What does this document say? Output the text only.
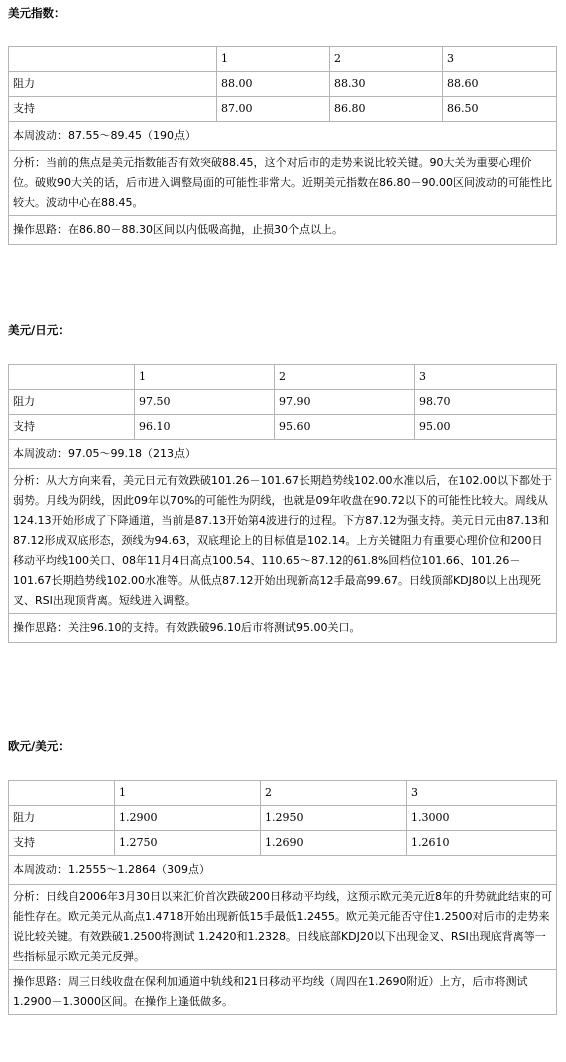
美元指数：
	1	2	3
阻力	88.00	88.30	88.60
支持	87.00	86.80	86.50
本周波动：87.55～89.45（190点）			
分析：当前的焦点是美元指数能否有效突破88.45，这个对后市的走势来说比较关键。90大关为重要心理价位。破败90大关的话，后市进入调整局面的可能性非常大。近期美元指数在86.80－90.00区间波动的可能性比较大。波动中心在88.45。			
操作思路：在86.80－88.30区间以内低吸高抛，止损30个点以上。			
美元/日元：
	1	2	3
阻力	97.50	97.90	98.70
支持	96.10	95.60	95.00
本周波动：97.05～99.18（213点）			
分析：从大方向来看，美元日元有效跌破101.26－101.67长期趋势线102.00水准以后，在102.00以下都处于弱势。月线为阴线，因此09年以70%的可能性为阴线，也就是09年收盘在90.72以下的可能性比较大。周线从124.13开始形成了下降通道，当前是87.13开始第4波进行的过程。下方87.12为强支持。美元日元由87.13和87.12形成双底形态，颈线为94.63，双底理论上的目标值是102.14。上方关键阻力有重要心理价位和200日移动平均线100关口、08年11月4日高点100.54、110.65～87.12的61.8%回档位101.66、101.26－101.67长期趋势线102.00水准等。从低点87.12开始出现新高12手最高99.67。日线顶部KDJ80以上出现死叉、RSI出现顶背离。短线进入调整。			
操作思路：关注96.10的支持。有效跌破96.10后市将测试95.00关口。			
欧元/美元：
	1	2	3
阻力	1.2900	1.2950	1.3000
支持	1.2750	1.2690	1.2610
本周波动：1.2555～1.2864（309点）			
分析：日线自2006年3月30日以来汇价首次跌破200日移动平均线，这预示欧元美元近8年的升势就此结束的可能性存在。欧元美元从高点1.4718开始出现新低15手最低1.2455。欧元美元能否守住1.2500对后市的走势来说比较关键。有效跌破1.2500将测试 1.2420和1.2328。日线底部KDJ20以下出现金叉、RSI出现底背离等一些指标显示欧元美元反弹。			
操作思路：周三日线收盘在保利加通道中轨线和21日移动平均线（周四在1.2690附近）上方，后市将测试1.2900－1.3000区间。在操作上逢低做多。			
